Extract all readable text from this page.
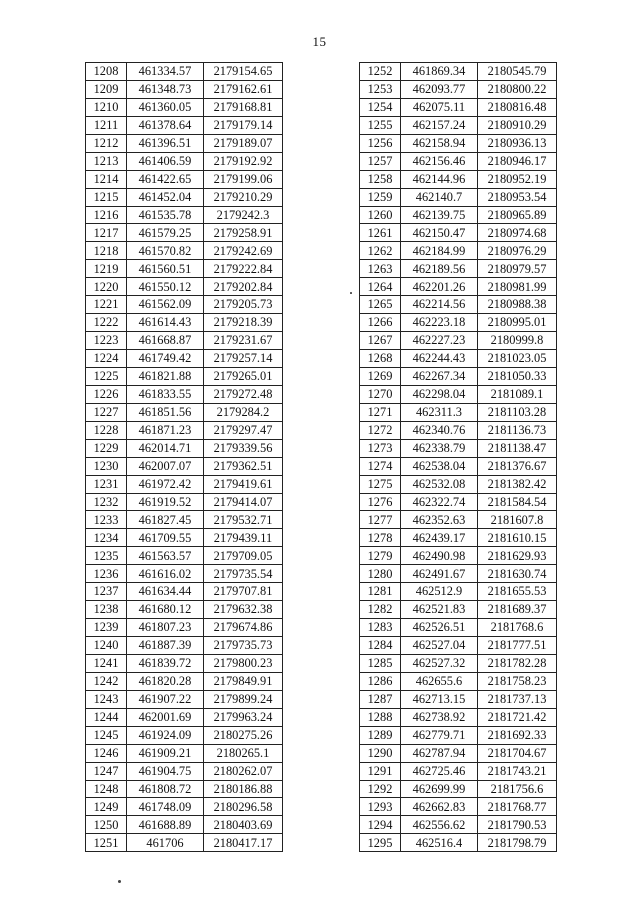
15
1208	461334.57	2179154.65
1209	461348.73	2179162.61
1210	461360.05	2179168.81
1211	461378.64	2179179.14
1212	461396.51	2179189.07
1213	461406.59	2179192.92
1214	461422.65	2179199.06
1215	461452.04	2179210.29
1216	461535.78	2179242.3
1217	461579.25	2179258.91
1218	461570.82	2179242.69
1219	461560.51	2179222.84
1220	461550.12	2179202.84
1221	461562.09	2179205.73
1222	461614.43	2179218.39
1223	461668.87	2179231.67
1224	461749.42	2179257.14
1225	461821.88	2179265.01
1226	461833.55	2179272.48
1227	461851.56	2179284.2
1228	461871.23	2179297.47
1229	462014.71	2179339.56
1230	462007.07	2179362.51
1231	461972.42	2179419.61
1232	461919.52	2179414.07
1233	461827.45	2179532.71
1234	461709.55	2179439.11
1235	461563.57	2179709.05
1236	461616.02	2179735.54
1237	461634.44	2179707.81
1238	461680.12	2179632.38
1239	461807.23	2179674.86
1240	461887.39	2179735.73
1241	461839.72	2179800.23
1242	461820.28	2179849.91
1243	461907.22	2179899.24
1244	462001.69	2179963.24
1245	461924.09	2180275.26
1246	461909.21	2180265.1
1247	461904.75	2180262.07
1248	461808.72	2180186.88
1249	461748.09	2180296.58
1250	461688.89	2180403.69
1251	461706	2180417.17
1252	461869.34	2180545.79
1253	462093.77	2180800.22
1254	462075.11	2180816.48
1255	462157.24	2180910.29
1256	462158.94	2180936.13
1257	462156.46	2180946.17
1258	462144.96	2180952.19
1259	462140.7	2180953.54
1260	462139.75	2180965.89
1261	462150.47	2180974.68
1262	462184.99	2180976.29
1263	462189.56	2180979.57
1264	462201.26	2180981.99
1265	462214.56	2180988.38
1266	462223.18	2180995.01
1267	462227.23	2180999.8
1268	462244.43	2181023.05
1269	462267.34	2181050.33
1270	462298.04	2181089.1
1271	462311.3	2181103.28
1272	462340.76	2181136.73
1273	462338.79	2181138.47
1274	462538.04	2181376.67
1275	462532.08	2181382.42
1276	462322.74	2181584.54
1277	462352.63	2181607.8
1278	462439.17	2181610.15
1279	462490.98	2181629.93
1280	462491.67	2181630.74
1281	462512.9	2181655.53
1282	462521.83	2181689.37
1283	462526.51	2181768.6
1284	462527.04	2181777.51
1285	462527.32	2181782.28
1286	462655.6	2181758.23
1287	462713.15	2181737.13
1288	462738.92	2181721.42
1289	462779.71	2181692.33
1290	462787.94	2181704.67
1291	462725.46	2181743.21
1292	462699.99	2181756.6
1293	462662.83	2181768.77
1294	462556.62	2181790.53
1295	462516.4	2181798.79
